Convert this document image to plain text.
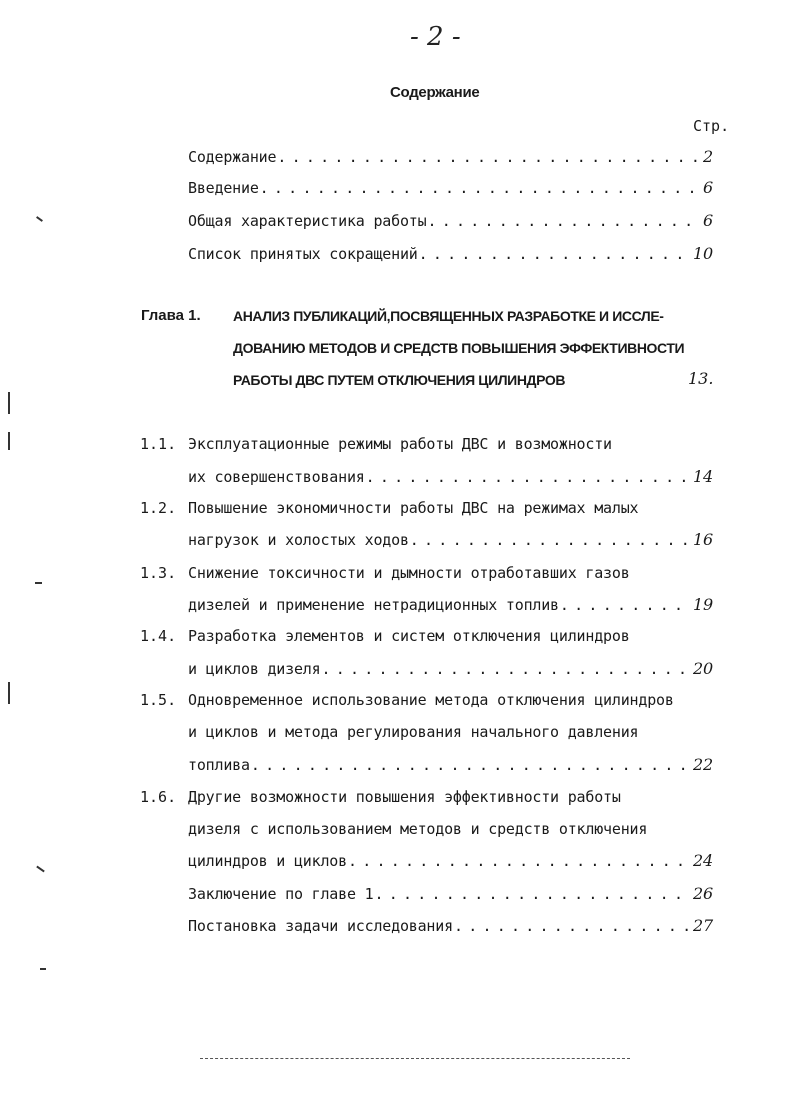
- 2 -
Содержание
Стр.
Содержание . . .	2
Введение . . .	6
Общая характеристика работы . . .	6
Список принятых сокращений . . .	10
Глава 1. АНАЛИЗ ПУБЛИКАЦИЙ,ПОСВЯЩЕННЫХ РАЗРАБОТКЕ И ИССЛЕ-
ДОВАНИЮ МЕТОДОВ И СРЕДСТВ ПОВЫШЕНИЯ ЭФФЕКТИВНОСТИ
РАБОТЫ ДВС ПУТЕМ ОТКЛЮЧЕНИЯ ЦИЛИНДРОВ	13.
1.1. Эксплуатационные режимы работы ДВС и возможности
их совершенствования . . .	14
1.2. Повышение экономичности работы ДВС на режимах малых
нагрузок и холостых ходов . . .	16
1.3. Снижение токсичности и дымности отработавших газов
дизелей и применение нетрадиционных топлив . . .	19
1.4. Разработка элементов и систем отключения цилиндров
и циклов дизеля . . .	20
1.5. Одновременное использование метода отключения цилиндров
и циклов и метода регулирования начального давления
топлива . . .	22
1.6. Другие возможности повышения эффективности работы
дизеля с использованием методов и средств отключения
цилиндров и циклов . . .	24
Заключение по главе 1 . . .	26
Постановка задачи исследования . . .	27
